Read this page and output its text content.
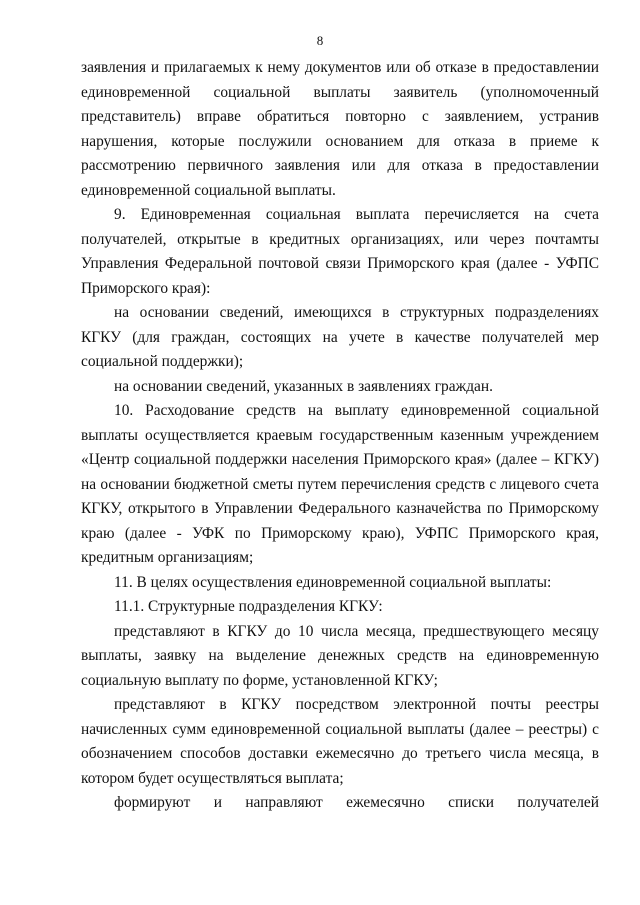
8

заявления и прилагаемых к нему документов или об отказе в предоставлении единовременной социальной выплаты заявитель (уполномоченный представитель) вправе обратиться повторно с заявлением, устранив нарушения, которые послужили основанием для отказа в приеме к рассмотрению первичного заявления или для отказа в предоставлении единовременной социальной выплаты.

9. Единовременная социальная выплата перечисляется на счета получателей, открытые в кредитных организациях, или через почтамты Управления Федеральной почтовой связи Приморского края (далее - УФПС Приморского края):

на основании сведений, имеющихся в структурных подразделениях КГКУ (для граждан, состоящих на учете в качестве получателей мер социальной поддержки);

на основании сведений, указанных в заявлениях граждан.

10. Расходование средств на выплату единовременной социальной выплаты осуществляется краевым государственным казенным учреждением «Центр социальной поддержки населения Приморского края» (далее – КГКУ) на основании бюджетной сметы путем перечисления средств с лицевого счета КГКУ, открытого в Управлении Федерального казначейства по Приморскому краю (далее - УФК по Приморскому краю), УФПС Приморского края, кредитным организациям;

11. В целях осуществления единовременной социальной выплаты:

11.1. Структурные подразделения КГКУ:

представляют в КГКУ до 10 числа месяца, предшествующего месяцу выплаты, заявку на выделение денежных средств на единовременную социальную выплату по форме, установленной КГКУ;

представляют в КГКУ посредством электронной почты реестры начисленных сумм единовременной социальной выплаты (далее – реестры) с обозначением способов доставки ежемесячно до третьего числа месяца, в котором будет осуществляться выплата;

формируют и направляют ежемесячно списки получателей
